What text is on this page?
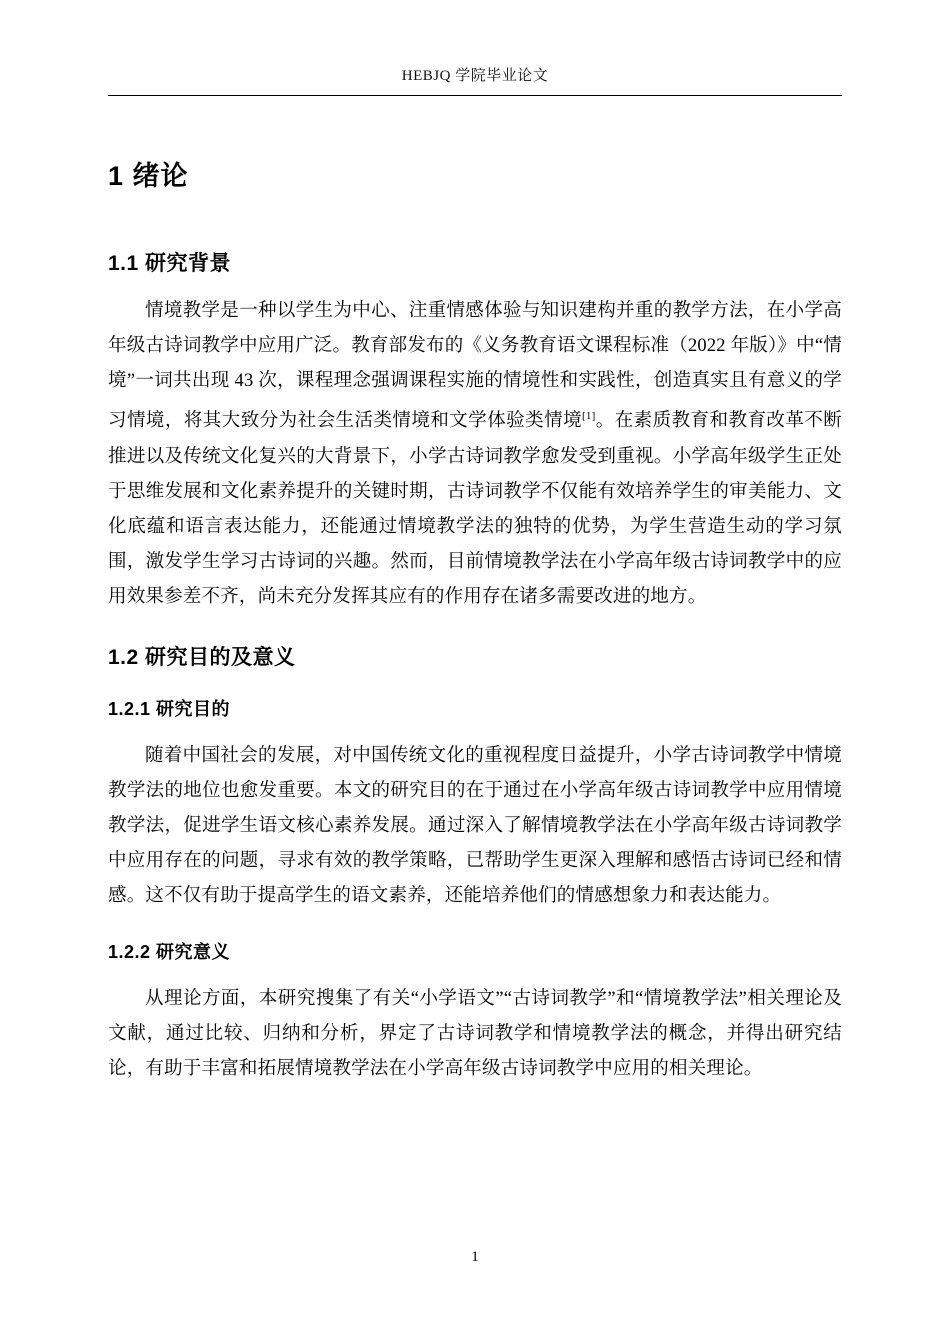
HEBJQ 学院毕业论文
1 绪论
1.1 研究背景

情境教学是一种以学生为中心、注重情感体验与知识建构并重的教学方法，在小学高年级古诗词教学中应用广泛。教育部发布的《义务教育语文课程标准（2022 年版）》中“情境”一词共出现 43 次，课程理念强调课程实施的情境性和实践性，创造真实且有意义的学习情境，将其大致分为社会生活类情境和文学体验类情境[1]。在素质教育和教育改革不断推进以及传统文化复兴的大背景下，小学古诗词教学愈发受到重视。小学高年级学生正处于思维发展和文化素养提升的关键时期，古诗词教学不仅能有效培养学生的审美能力、文化底蕴和语言表达能力，还能通过情境教学法的独特的优势，为学生营造生动的学习氛围，激发学生学习古诗词的兴趣。然而，目前情境教学法在小学高年级古诗词教学中的应用效果参差不齐，尚未充分发挥其应有的作用存在诸多需要改进的地方。

1.2 研究目的及意义
1.2.1 研究目的

随着中国社会的发展，对中国传统文化的重视程度日益提升，小学古诗词教学中情境教学法的地位也愈发重要。本文的研究目的在于通过在小学高年级古诗词教学中应用情境教学法，促进学生语文核心素养发展。通过深入了解情境教学法在小学高年级古诗词教学中应用存在的问题，寻求有效的教学策略，已帮助学生更深入理解和感悟古诗词已经和情感。这不仅有助于提高学生的语文素养，还能培养他们的情感想象力和表达能力。

1.2.2 研究意义

从理论方面，本研究搜集了有关“小学语文”“古诗词教学”和“情境教学法”相关理论及文献，通过比较、归纳和分析，界定了古诗词教学和情境教学法的概念，并得出研究结论，有助于丰富和拓展情境教学法在小学高年级古诗词教学中应用的相关理论。

1
